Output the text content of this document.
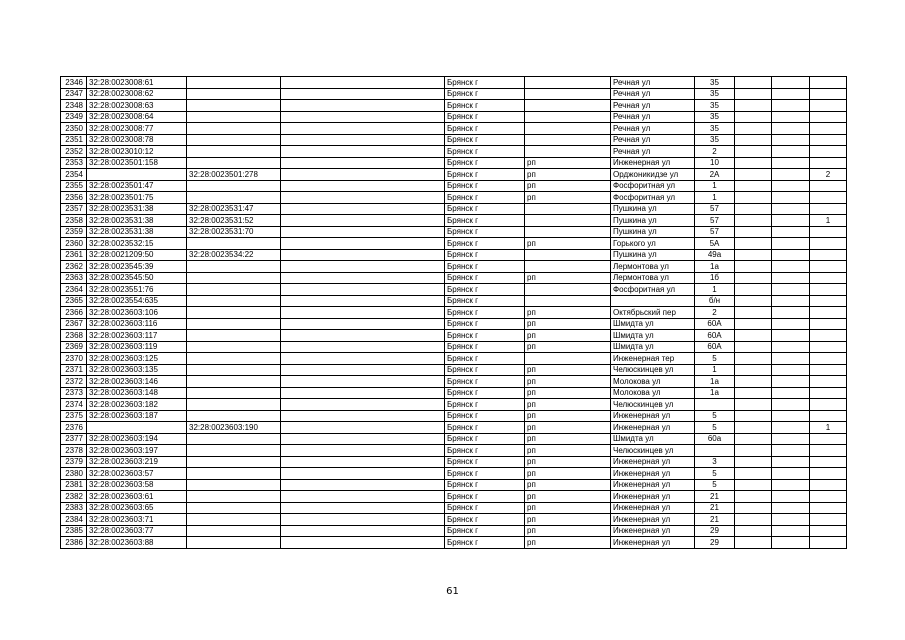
2346	32:28:0023008:61			Брянск г		Речная ул	35			
2347	32:28:0023008:62			Брянск г		Речная ул	35			
2348	32:28:0023008:63			Брянск г		Речная ул	35			
2349	32:28:0023008:64			Брянск г		Речная ул	35			
2350	32:28:0023008:77			Брянск г		Речная ул	35			
2351	32:28:0023008:78			Брянск г		Речная ул	35			
2352	32:28:0023010:12			Брянск г		Речная ул	2			
2353	32:28:0023501:158			Брянск г	рп	Инженерная ул	10			
2354		32:28:0023501:278		Брянск г	рп	Орджоникидзе ул	2А			2
2355	32:28:0023501:47			Брянск г	рп	Фосфоритная ул	1			
2356	32:28:0023501:75			Брянск г	рп	Фосфоритная ул	1			
2357	32:28:0023531:38	32:28:0023531:47		Брянск г		Пушкина ул	57			
2358	32:28:0023531:38	32:28:0023531:52		Брянск г		Пушкина ул	57			1
2359	32:28:0023531:38	32:28:0023531:70		Брянск г		Пушкина ул	57			
2360	32:28:0023532:15			Брянск г	рп	Горького ул	5А			
2361	32:28:0021209:50	32:28:0023534:22		Брянск г		Пушкина ул	49а			
2362	32:28:0023545:39			Брянск г		Лермонтова ул	1а			
2363	32:28:0023545:50			Брянск г	рп	Лермонтова ул	1б			
2364	32:28:0023551:76			Брянск г		Фосфоритная ул	1			
2365	32:28:0023554:635			Брянск г			б/н			
2366	32:28:0023603:106			Брянск г	рп	Октябрьский пер	2			
2367	32:28:0023603:116			Брянск г	рп	Шмидта ул	60А			
2368	32:28:0023603:117			Брянск г	рп	Шмидта ул	60А			
2369	32:28:0023603:119			Брянск г	рп	Шмидта ул	60А			
2370	32:28:0023603:125			Брянск г		Инженерная тер	5			
2371	32:28:0023603:135			Брянск г	рп	Челюскинцев ул	1			
2372	32:28:0023603:146			Брянск г	рп	Молокова ул	1а			
2373	32:28:0023603:148			Брянск г	рп	Молокова ул	1а			
2374	32:28:0023603:182			Брянск г	рп	Челюскинцев ул				
2375	32:28:0023603:187			Брянск г	рп	Инженерная ул	5			
2376		32:28:0023603:190		Брянск г	рп	Инженерная ул	5			1
2377	32:28:0023603:194			Брянск г	рп	Шмидта ул	60а			
2378	32:28:0023603:197			Брянск г	рп	Челюскинцев ул				
2379	32:28:0023603:219			Брянск г	рп	Инженерная ул	3			
2380	32:28:0023603:57			Брянск г	рп	Инженерная ул	5			
2381	32:28:0023603:58			Брянск г	рп	Инженерная ул	5			
2382	32:28:0023603:61			Брянск г	рп	Инженерная ул	21			
2383	32:28:0023603:65			Брянск г	рп	Инженерная ул	21			
2384	32:28:0023603:71			Брянск г	рп	Инженерная ул	21			
2385	32:28:0023603:77			Брянск г	рп	Инженерная ул	29			
2386	32:28:0023603:88			Брянск г	рп	Инженерная ул	29			
61
